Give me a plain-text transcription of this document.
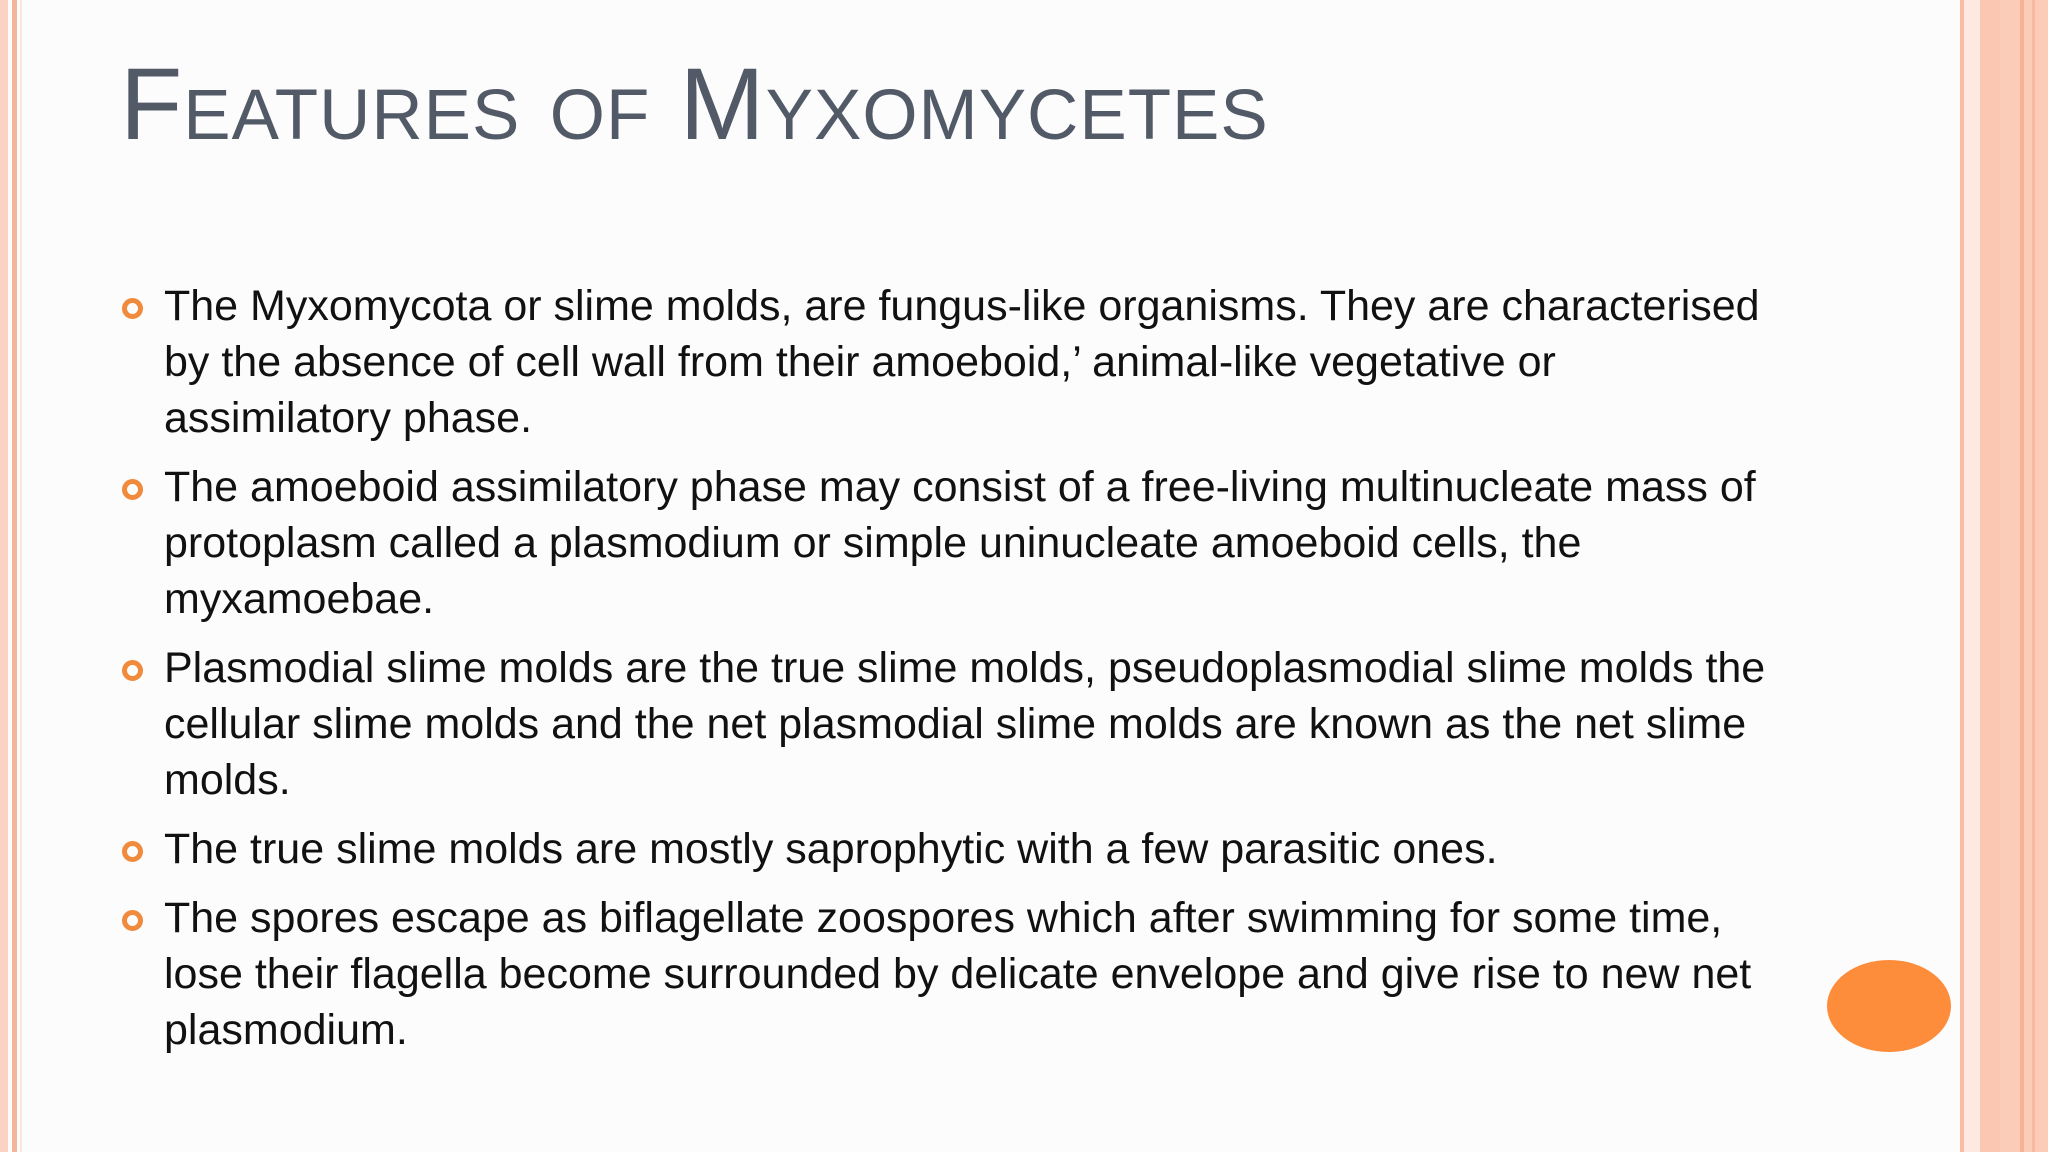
Features of Myxomycetes
The Myxomycota or slime molds, are fungus-like organisms. They are characterised by the absence of cell wall from their amoeboid,’ animal-like vegetative or assimilatory phase.
The amoeboid assimilatory phase may consist of a free-living multinucleate mass of protoplasm called a plasmodium or simple uninucleate amoeboid cells, the myxamoebae.
Plasmodial slime molds are the true slime molds, pseudoplasmodial slime molds the cellular slime molds and the net plasmodial slime molds are known as the net slime molds.
The true slime molds are mostly saprophytic with a few parasitic ones.
The spores escape as biflagellate zoospores which after swimming for some time, lose their flagella become surrounded by delicate envelope and give rise to new net plasmodium.
